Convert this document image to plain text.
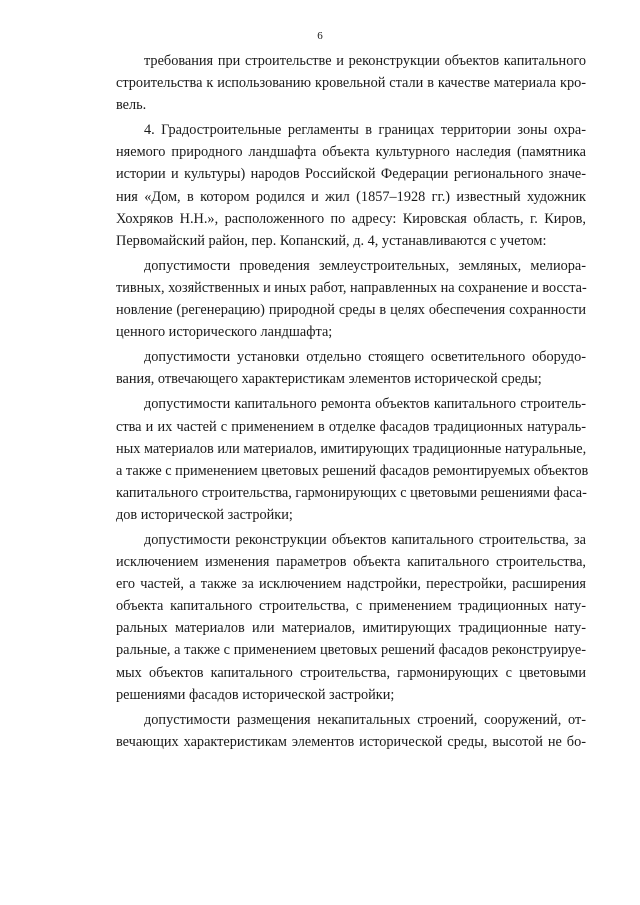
6
требования при строительстве и реконструкции объектов капитального
строительства к использованию кровельной стали в качестве материала кро-
вель.
4. Градостроительные регламенты в границах территории зоны охра-
няемого природного ландшафта объекта культурного наследия (памятника
истории и культуры) народов Российской Федерации регионального значе-
ния «Дом, в котором родился и жил (1857–1928 гг.) известный художник
Хохряков Н.Н.», расположенного по адресу: Кировская область, г. Киров,
Первомайский район, пер. Копанский, д. 4, устанавливаются с учетом:
допустимости проведения землеустроительных, земляных, мелиора-
тивных, хозяйственных и иных работ, направленных на сохранение и восста-
новление (регенерацию) природной среды в целях обеспечения сохранности
ценного исторического ландшафта;
допустимости установки отдельно стоящего осветительного оборудо-
вания, отвечающего характеристикам элементов исторической среды;
допустимости капитального ремонта объектов капитального строитель-
ства и их частей с применением в отделке фасадов традиционных натураль-
ных материалов или материалов, имитирующих традиционные натуральные,
а также с применением цветовых решений фасадов ремонтируемых объектов
капитального строительства, гармонирующих с цветовыми решениями фаса-
дов исторической застройки;
допустимости реконструкции объектов капитального строительства, за
исключением изменения параметров объекта капитального строительства,
его частей, а также за исключением надстройки, перестройки, расширения
объекта капитального строительства, с применением традиционных нату-
ральных материалов или материалов, имитирующих традиционные нату-
ральные, а также с применением цветовых решений фасадов реконструируе-
мых объектов капитального строительства, гармонирующих с цветовыми
решениями фасадов исторической застройки;
допустимости размещения некапитальных строений, сооружений, от-
вечающих характеристикам элементов исторической среды, высотой не бо-
